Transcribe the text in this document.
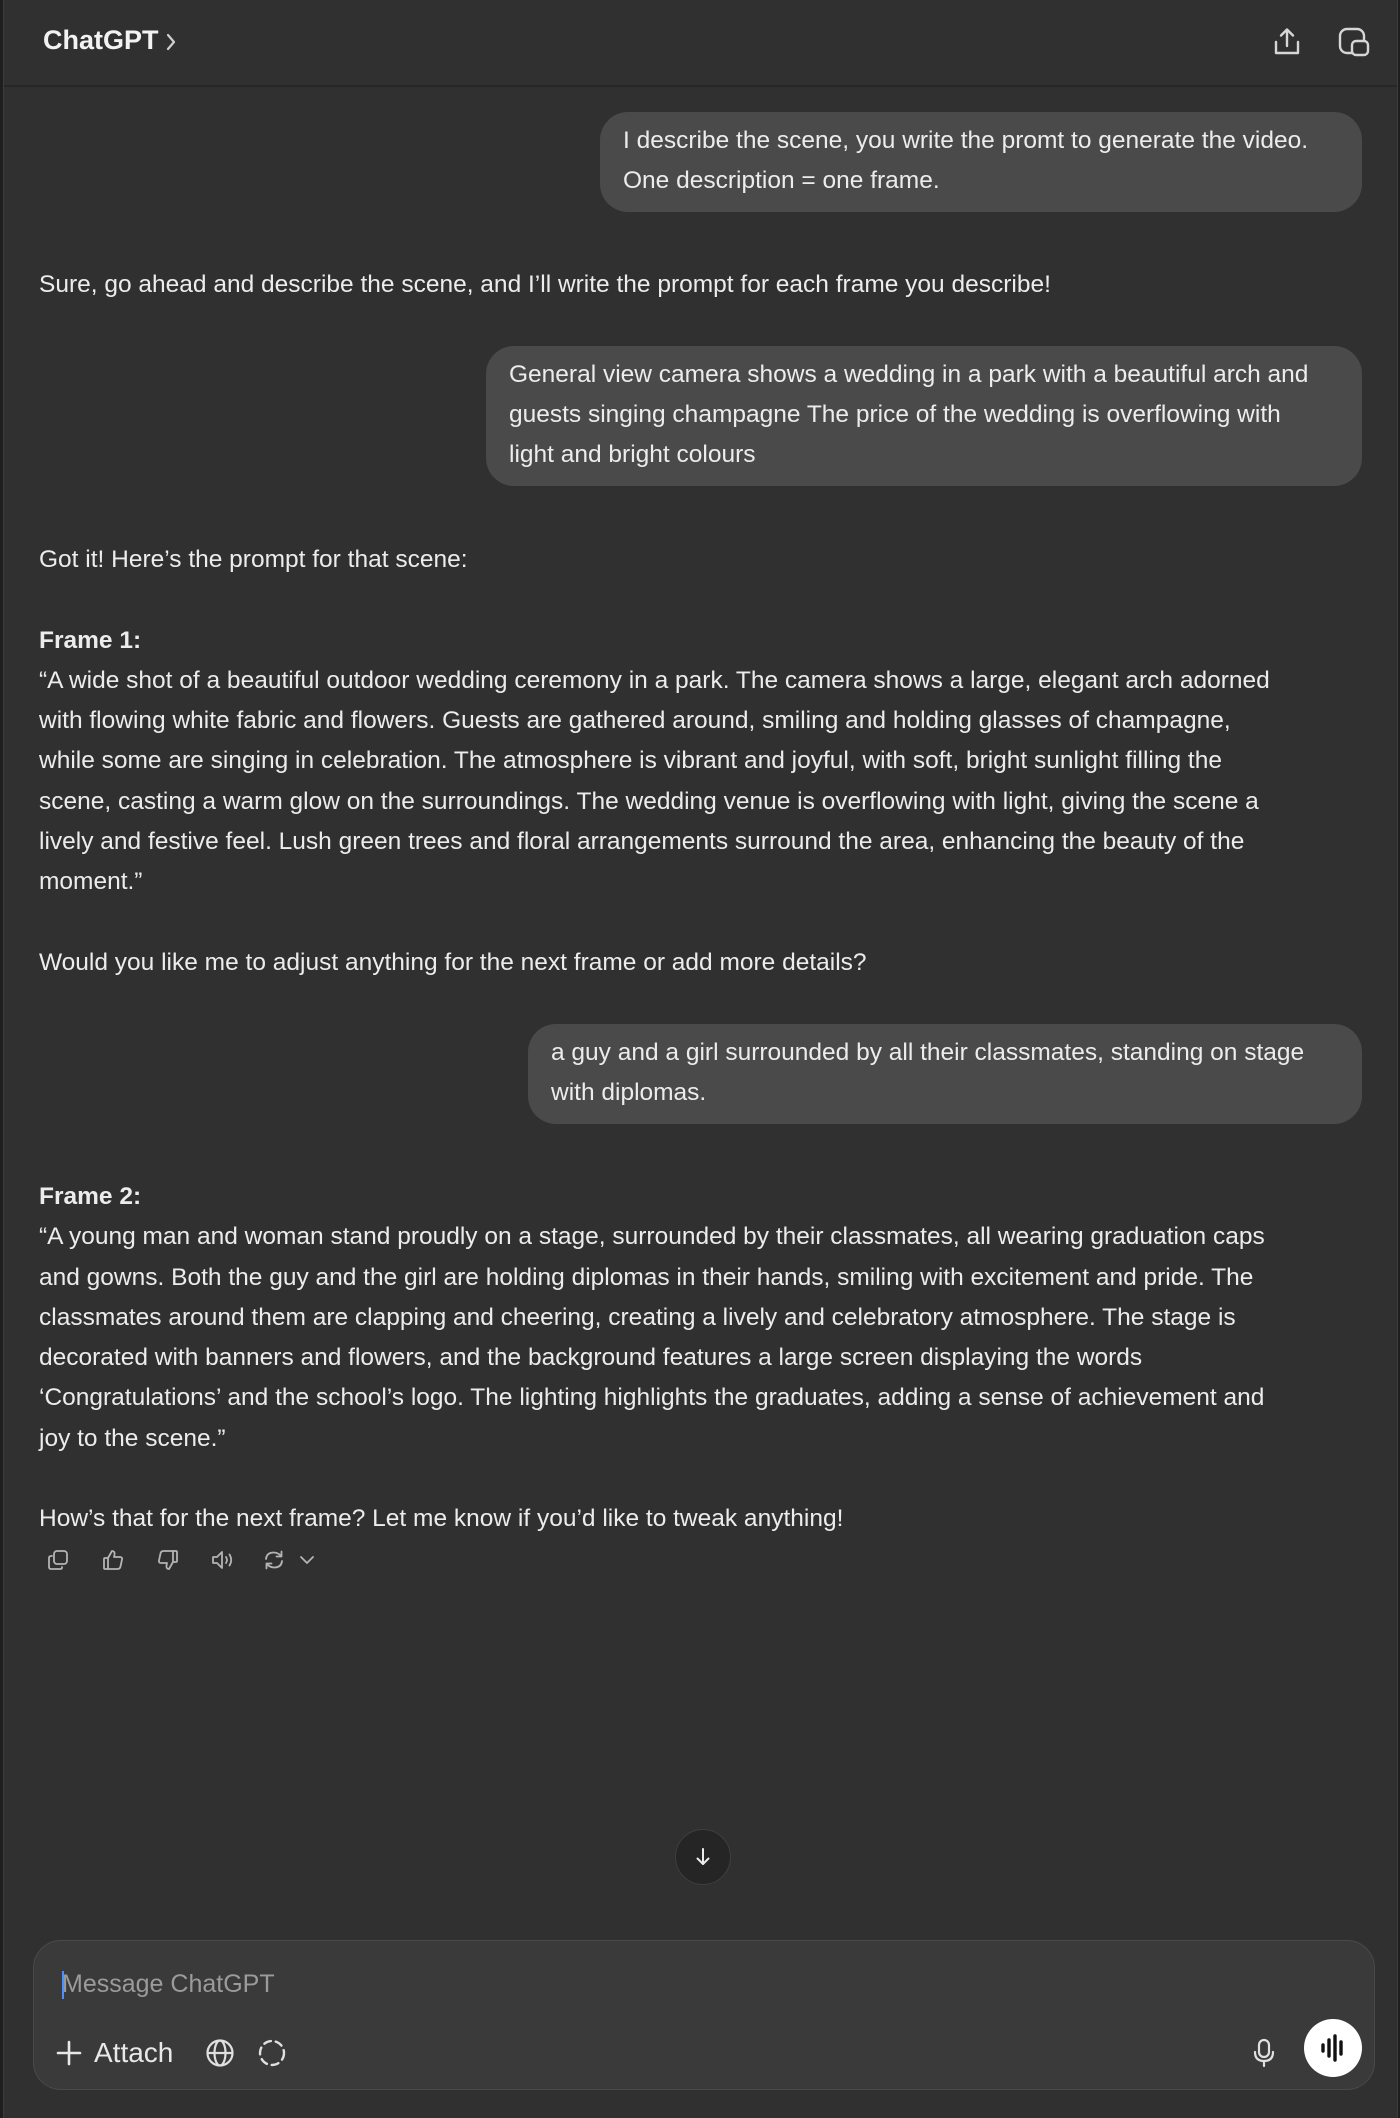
ChatGPT
I describe the scene, you write the promt to generate the video.
One description = one frame.

Sure, go ahead and describe the scene, and I’ll write the prompt for each frame you describe!

General view camera shows a wedding in a park with a beautiful arch and
guests singing champagne The price of the wedding is overflowing with
light and bright colours

Got it! Here’s the prompt for that scene:

Frame 1:

“A wide shot of a beautiful outdoor wedding ceremony in a park. The camera shows a large, elegant arch adorned

with flowing white fabric and flowers. Guests are gathered around, smiling and holding glasses of champagne,

while some are singing in celebration. The atmosphere is vibrant and joyful, with soft, bright sunlight filling the

scene, casting a warm glow on the surroundings. The wedding venue is overflowing with light, giving the scene a

lively and festive feel. Lush green trees and floral arrangements surround the area, enhancing the beauty of the

moment.”

Would you like me to adjust anything for the next frame or add more details?

a guy and a girl surrounded by all their classmates, standing on stage
with diplomas.

Frame 2:

“A young man and woman stand proudly on a stage, surrounded by their classmates, all wearing graduation caps

and gowns. Both the guy and the girl are holding diplomas in their hands, smiling with excitement and pride. The

classmates around them are clapping and cheering, creating a lively and celebratory atmosphere. The stage is

decorated with banners and flowers, and the background features a large screen displaying the words

‘Congratulations’ and the school’s logo. The lighting highlights the graduates, adding a sense of achievement and

joy to the scene.”

How’s that for the next frame? Let me know if you’d like to tweak anything!

Message ChatGPT
Attach
